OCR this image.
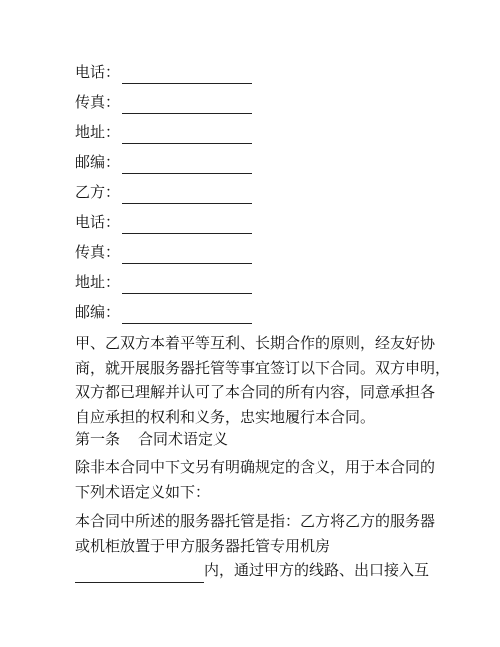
电话：
传真：
地址：
邮编：
乙方：
电话：
传真：
地址：
邮编：
甲、乙双方本着平等互利、长期合作的原则，经友好协
商，就开展服务器托管等事宜签订以下合同。双方申明，
双方都已理解并认可了本合同的所有内容，同意承担各
自应承担的权利和义务，忠实地履行本合同。
第一条 合同术语定义
除非本合同中下文另有明确规定的含义，用于本合同的
下列术语定义如下：
本合同中所述的服务器托管是指：乙方将乙方的服务器
或机柜放置于甲方服务器托管专用机房
内，通过甲方的线路、出口接入互
